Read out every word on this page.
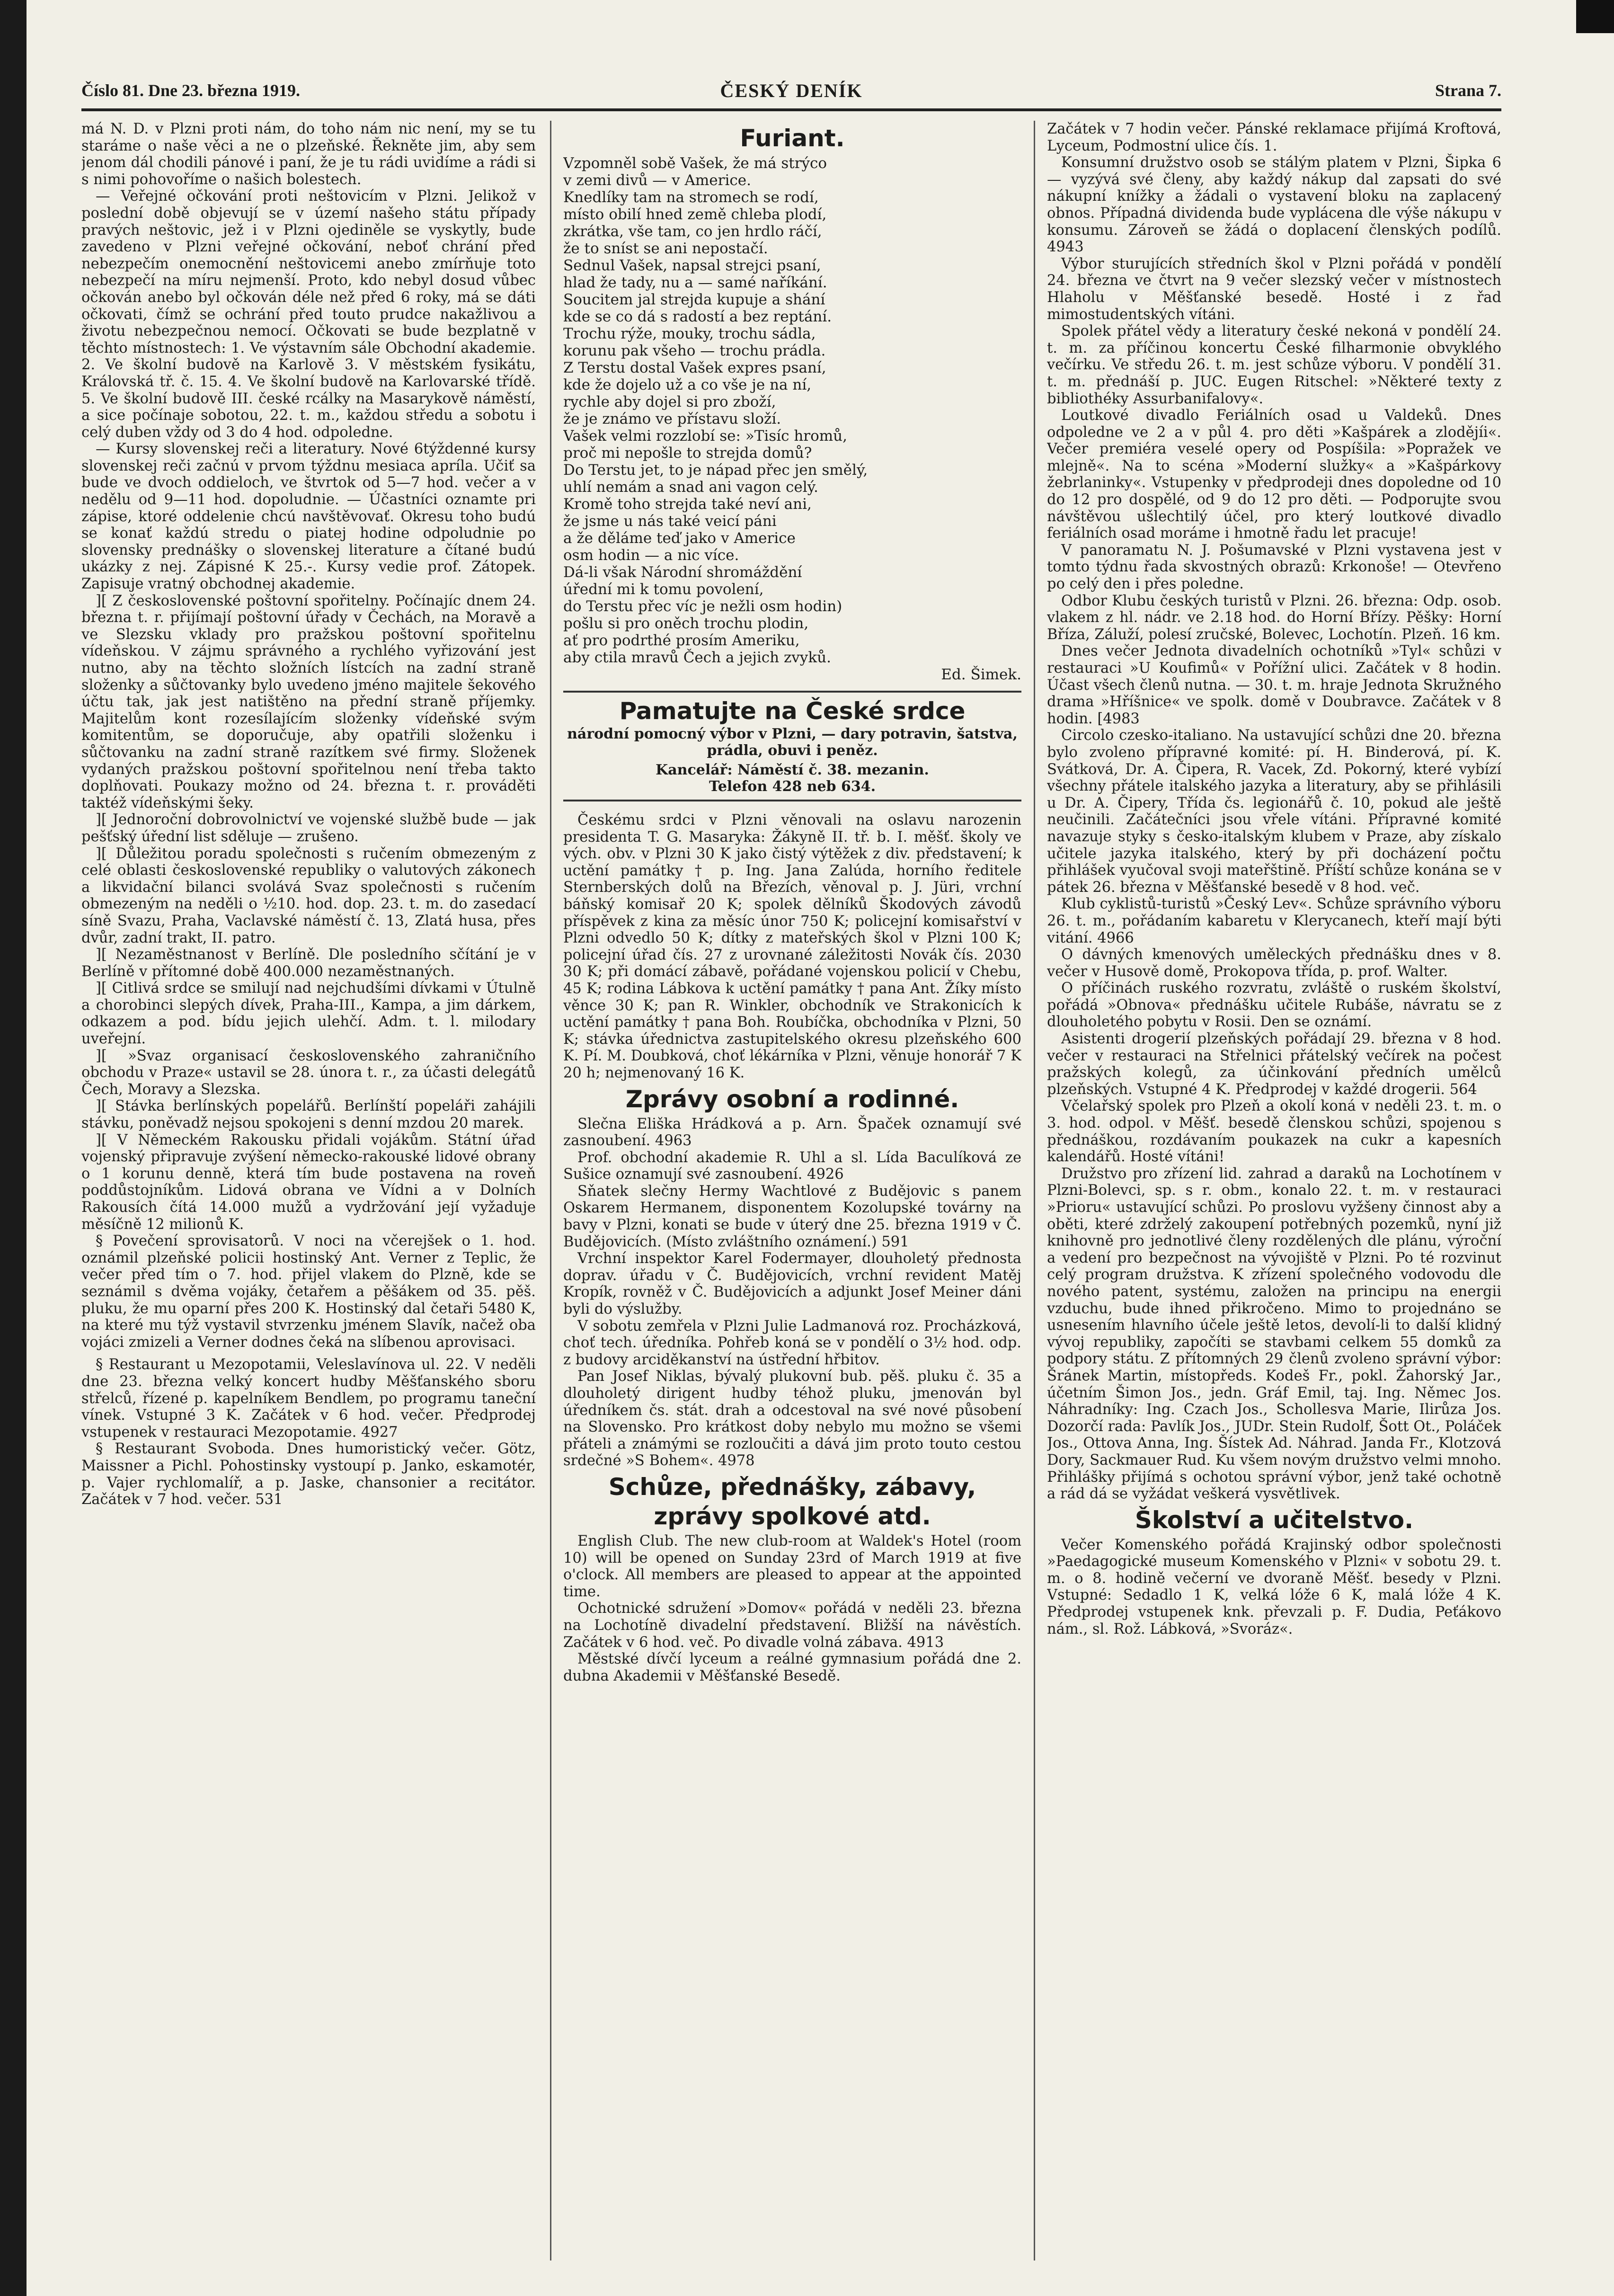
Číslo 81. Dne 23. března 1919.	ČESKÝ DENÍK	Strana 7.

má N. D. v Plzni proti nám, do toho nám nic není, my se tu staráme o naše věci a ne o plzeňské. Řekněte jim, aby sem jenom dál chodili pánové i paní, že je tu rádi uvidíme a rádi si s nimi pohovoříme o našich bolestech.

— Veřejné očkování proti neštovicím v Plzni. Jelikož v poslední době objevují se v území našeho státu případy pravých neštovic, jež i v Plzni ojediněle se vyskytly, bude zavedeno v Plzni veřejné očkování, neboť chrání před nebezpečím onemocnění neštovicemi anebo zmírňuje toto nebezpečí na míru nejmenší. Proto, kdo nebyl dosud vůbec očkován anebo byl očkován déle než před 6 roky, má se dáti očkovati, čímž se ochrání před touto prudce nakažlivou a životu nebezpečnou nemocí. Očkovati se bude bezplatně v těchto místnostech: 1. Ve výstavním sále Obchodní akademie. 2. Ve školní budově na Karlově 3. V městském fysikátu, Královská tř. č. 15. 4. Ve školní budově na Karlovarské třídě. 5. Ve školní budově III. české rcálky na Masarykově náměstí, a sice počínaje sobotou, 22. t. m., každou středu a sobotu i celý duben vždy od 3 do 4 hod. odpoledne.

— Kursy slovenskej reči a literatury. Nové 6týždenné kursy slovenskej reči začnú v prvom týždnu mesiaca apríla. Učiť sa bude ve dvoch oddieloch, ve štvrtok od 5—7 hod. večer a v nedělu od 9—11 hod. dopoludnie. — Účastníci oznamte pri zápise, ktoré oddelenie chcú navštěvovať. Okresu toho budú se konať každú stredu o piatej hodine odpoludnie po slovensky prednášky o slovenskej literature a čítané budú ukázky z nej. Zápisné K 25.-. Kursy vedie prof. Zátopek. Zapisuje vratný obchodnej akademie.

][ Z československé poštovní spořitelny. Počínajíc dnem 24. března t. r. přijímají poštovní úřady v Čechách, na Moravě a ve Slezsku vklady pro pražskou poštovní spořitelnu vídeňskou. V zájmu správného a rychlého vyřizování jest nutno, aby na těchto složních lístcích na zadní straně složenky a sůčtovanky bylo uvedeno jméno majitele šekového účtu tak, jak jest natištěno na přední straně příjemky. Majitelům kont rozesílajícím složenky vídeňské svým komitentům, se doporučuje, aby opatřili složenku i sůčtovanku na zadní straně razítkem své firmy. Složenek vydaných pražskou poštovní spořitelnou není třeba takto doplňovati. Poukazy možno od 24. března t. r. prováděti taktéž vídeňskými šeky.

][ Jednoroční dobrovolnictví ve vojenské službě bude — jak pešťský úřední list sděluje — zrušeno.

][ Důležitou poradu společnosti s ručením obmezeným z celé oblasti československé republiky o valutových zákonech a likvidační bilanci svolává Svaz společnosti s ručením obmezeným na neděli o ½10. hod. dop. 23. t. m. do zasedací síně Svazu, Praha, Vaclavské náměstí č. 13, Zlatá husa, přes dvůr, zadní trakt, II. patro.

][ Nezaměstnanost v Berlíně. Dle posledního sčítání je v Berlíně v přítomné době 400.000 nezaměstnaných.

][ Citlivá srdce se smilují nad nejchudšími dívkami v Útulně a chorobinci slepých dívek, Praha-III., Kampa, a jim dárkem, odkazem a pod. bídu jejich ulehčí. Adm. t. l. milodary uveřejní.

][ »Svaz organisací československého zahraničního obchodu v Praze« ustavil se 28. února t. r., za účasti delegátů Čech, Moravy a Slezska.

][ Stávka berlínských popelářů. Berlínští popeláři zahájili stávku, poněvadž nejsou spokojeni s denní mzdou 20 marek.

][ V Německém Rakousku přidali vojákům. Státní úřad vojenský připravuje zvýšení německo-rakouské lidové obrany o 1 korunu denně, která tím bude postavena na roveň poddůstojníkům. Lidová obrana ve Vídni a v Dolních Rakousích čítá 14.000 mužů a vydržování její vyžaduje měsíčně 12 milionů K.

§ Povečení sprovisatorů. V noci na včerejšek o 1. hod. oznámil plzeňské policii hostinský Ant. Verner z Teplic, že večer před tím o 7. hod. přijel vlakem do Plzně, kde se seznámil s dvěma vojáky, četařem a pěšákem od 35. pěš. pluku, že mu oparní přes 200 K. Hostinský dal četaři 5480 K, na které mu týž vystavil stvrzenku jménem Slavík, načež oba vojáci zmizeli a Verner dodnes čeká na slíbenou aprovisaci.

§ Restaurant u Mezopotamii, Veleslavínova ul. 22. V neděli dne 23. března velký koncert hudby Měšťanského sboru střelců, řízené p. kapelníkem Bendlem, po programu taneční vínek. Vstupné 3 K. Začátek v 6 hod. večer. Předprodej vstupenek v restauraci Mezopotamie. 4927

§ Restaurant Svoboda. Dnes humoristický večer. Götz, Maissner a Pichl. Pohostinsky vystoupí p. Janko, eskamotér, p. Vajer rychlomalíř, a p. Jaske, chansonier a recitátor. Začátek v 7 hod. večer. 531

Furiant.
Vzpomněl sobě Vašek, že má strýco
v zemi divů — v Americe.
Knedlíky tam na stromech se rodí,
místo obilí hned země chleba plodí,
zkrátka, vše tam, co jen hrdlo ráčí,
že to sníst se ani nepostačí.
Sednul Vašek, napsal strejci psaní,
hlad že tady, nu a — samé naříkání.
Soucitem jal strejda kupuje a shání
kde se co dá s radostí a bez reptání.
Trochu rýže, mouky, trochu sádla,
korunu pak všeho — trochu prádla.
Z Terstu dostal Vašek expres psaní,
kde že dojelo už a co vše je na ní,
rychle aby dojel si pro zboží,
že je známo ve přístavu složí.
Vašek velmi rozzlobí se: »Tisíc hromů,
proč mi nepošle to strejda domů?
Do Terstu jet, to je nápad přec jen smělý,
uhlí nemám a snad ani vagon celý.
Kromě toho strejda také neví ani,
že jsme u nás také veicí páni
a že děláme teď jako v Americe
osm hodin — a nic více.
Dá-li však Národní shromáždění
úřední mi k tomu povolení,
do Terstu přec víc je nežli osm hodin)
pošlu si pro oněch trochu plodin,
ať pro podrthé prosím Ameriku,
aby ctila mravů Čech a jejich zvyků.
Ed. Šimek.
Pamatujte na České srdce
národní pomocný výbor v Plzni, — dary potravin, šatstva, prádla, obuvi i peněz.
Kancelář: Náměstí č. 38. mezanin.
Telefon 428 neb 634.

Českému srdci v Plzni věnovali na oslavu narozenin presidenta T. G. Masaryka: Žákyně II. tř. b. I. měšť. školy ve vých. obv. v Plzni 30 K jako čistý výtěžek z div. představení; k uctění památky † p. Ing. Jana Zalúda, horního ředitele Sternberských dolů na Březích, věnoval p. J. Jüri, vrchní báňský komisař 20 K; spolek dělníků Škodových závodů příspěvek z kina za měsíc únor 750 K; policejní komisařství v Plzni odvedlo 50 K; dítky z mateřských škol v Plzni 100 K; policejní úřad čís. 27 z urovnané záležitosti Novák čís. 2030 30 K; při domácí zábavě, pořádané vojenskou policií v Chebu, 45 K; rodina Lábkova k uctění památky † pana Ant. Žíky místo věnce 30 K; pan R. Winkler, obchodník ve Strakonicích k uctění památky † pana Boh. Roubíčka, obchodníka v Plzni, 50 K; stávka úřednictva zastupitelského okresu plzeňského 600 K. Pí. M. Doubková, choť lékárníka v Plzni, věnuje honorář 7 K 20 h; nejmenovaný 16 K.

Zprávy osobní a rodinné.

Slečna Eliška Hrádková a p. Arn. Špaček oznamují své zasnoubení. 4963

Prof. obchodní akademie R. Uhl a sl. Lída Baculíková ze Sušice oznamují své zasnoubení. 4926

Sňatek slečny Hermy Wachtlové z Budějovic s panem Oskarem Hermanem, disponentem Kozolupské továrny na bavy v Plzni, konati se bude v úterý dne 25. března 1919 v Č. Budějovicích. (Místo zvláštního oznámení.) 591

Vrchní inspektor Karel Fodermayer, dlouholetý přednosta doprav. úřadu v Č. Budějovicích, vrchní revident Matěj Kropík, rovněž v Č. Budějovicích a adjunkt Josef Meiner dáni byli do výslužby.

V sobotu zemřela v Plzni Julie Ladmanová roz. Procházková, choť tech. úředníka. Pohřeb koná se v pondělí o 3½ hod. odp. z budovy arciděkanství na ústřední hřbitov.

Pan Josef Niklas, bývalý plukovní bub. pěš. pluku č. 35 a dlouholetý dirigent hudby téhož pluku, jmenován byl úředníkem čs. stát. drah a odcestoval na své nové působení na Slovensko. Pro krátkost doby nebylo mu možno se všemi přáteli a známými se rozloučiti a dává jim proto touto cestou srdečné »S Bohem«. 4978

Schůze, přednášky, zábavy, zprávy spolkové atd.

English Club. The new club-room at Waldek's Hotel (room 10) will be opened on Sunday 23rd of March 1919 at five o'clock. All members are pleased to appear at the appointed time.

Ochotnické sdružení »Domov« pořádá v neděli 23. března na Lochotíně divadelní představení. Bližší na návěstích. Začátek v 6 hod. več. Po divadle volná zábava. 4913

Městské dívčí lyceum a reálné gymnasium pořádá dne 2. dubna Akademii v Měšťanské Besedě.

Začátek v 7 hodin večer. Pánské reklamace přijímá Kroftová, Lyceum, Podmostní ulice čís. 1.

Konsumní družstvo osob se stálým platem v Plzni, Šipka 6 — vyzývá své členy, aby každý nákup dal zapsati do své nákupní knížky a žádali o vystavení bloku na zaplacený obnos. Případná dividenda bude vyplácena dle výše nákupu v konsumu. Zároveň se žádá o doplacení členských podílů. 4943

Výbor sturujících středních škol v Plzni pořádá v pondělí 24. března ve čtvrt na 9 večer slezský večer v místnostech Hlaholu v Měšťanské besedě. Hosté i z řad mimostudentských vítáni.

Spolek přátel vědy a literatury české nekoná v pondělí 24. t. m. za příčinou koncertu České filharmonie obvyklého večírku. Ve středu 26. t. m. jest schůze výboru. V pondělí 31. t. m. přednáší p. JUC. Eugen Ritschel: »Některé texty z bibliothéky Assurbanifalovy«.

Loutkové divadlo Feriálních osad u Valdeků. Dnes odpoledne ve 2 a v půl 4. pro děti »Kašpárek a zlodějíi«. Večer premiéra veselé opery od Pospíšila: »Popražek ve mlejně«. Na to scéna »Moderní služky« a »Kašpárkovy žebrlaninky«. Vstupenky v předprodeji dnes dopoledne od 10 do 12 pro dospělé, od 9 do 12 pro děti. — Podporujte svou návštěvou ušlechtilý účel, pro který loutkové divadlo feriálních osad moráme i hmotně řadu let pracuje!

V panoramatu N. J. Pošumavské v Plzni vystavena jest v tomto týdnu řada skvostných obrazů: Krkonoše! — Otevřeno po celý den i přes poledne.

Odbor Klubu českých turistů v Plzni. 26. března: Odp. osob. vlakem z hl. nádr. ve 2.18 hod. do Horní Břízy. Pěšky: Horní Bříza, Záluží, polesí zručské, Bolevec, Lochotín. Plzeň. 16 km.

Dnes večer Jednota divadelních ochotníků »Tyl« schůzi v restauraci »U Koufimů« v Pořížní ulici. Začátek v 8 hodin. Účast všech členů nutna. — 30. t. m. hraje Jednota Skružného drama »Hříšnice« ve spolk. domě v Doubravce. Začátek v 8 hodin. [4983

Circolo czesko-italiano. Na ustavující schůzi dne 20. března bylo zvoleno přípravné komité: pí. H. Binderová, pí. K. Svátková, Dr. A. Čipera, R. Vacek, Zd. Pokorný, které vybízí všechny přátele italského jazyka a literatury, aby se přihlásili u Dr. A. Čipery, Třída čs. legionářů č. 10, pokud ale ještě neučinili. Začátečníci jsou vřele vítáni. Přípravné komité navazuje styky s česko-italským klubem v Praze, aby získalo učitele jazyka italského, který by při docházení počtu přihlášek vyučoval svoji mateřštině. Příští schůze konána se v pátek 26. března v Měšťanské besedě v 8 hod. več.

Klub cyklistů-turistů »Český Lev«. Schůze správního výboru 26. t. m., pořádaním kabaretu v Klerycanech, kteří mají býti vitání. 4966

O dávných kmenových uměleckých přednášku dnes v 8. večer v Husově domě, Prokopova třída, p. prof. Walter.

O příčinách ruského rozvratu, zvláště o ruském školství, pořádá »Obnova« přednášku učitele Rubáše, návratu se z dlouholetého pobytu v Rosii. Den se oznámí.

Asistenti drogerií plzeňských pořádají 29. března v 8 hod. večer v restauraci na Střelnici přátelský večírek na počest pražských kolegů, za účinkování předních umělců plzeňských. Vstupné 4 K. Předprodej v každé drogerii. 564

Včelařský spolek pro Plzeň a okolí koná v neděli 23. t. m. o 3. hod. odpol. v Měšť. besedě členskou schůzi, spojenou s přednáškou, rozdávaním poukazek na cukr a kapesních kalendářů. Hosté vítáni!

Družstvo pro zřízení lid. zahrad a daraků na Lochotínem v Plzni-Bolevci, sp. s r. obm., konalo 22. t. m. v restauraci »Prioru« ustavující schůzi. Po proslovu vyžšeny činnost aby a oběti, které zdrželý zakoupení potřebných pozemků, nyní již knihovně pro jednotlivé členy rozdělených dle plánu, výroční a vedení pro bezpečnost na vývojiště v Plzni. Po té rozvinut celý program družstva. K zřízení společného vodovodu dle nového patent, systému, založen na principu na energii vzduchu, bude ihned přikročeno. Mimo to projednáno se usnesením hlavního účele ještě letos, devolí-li to další klidný vývoj republiky, započíti se stavbami celkem 55 domků za podpory státu. Z přítomných 29 členů zvoleno správní výbor: Šránek Martin, místopředs. Kodeš Fr., pokl. Žahorský Jar., účetním Šimon Jos., jedn. Gráf Emil, taj. Ing. Němec Jos. Náhradníky: Ing. Czach Jos., Schollesva Marie, Ilirůza Jos. Dozorčí rada: Pavlík Jos., JUDr. Stein Rudolf, Šott Ot., Poláček Jos., Ottova Anna, Ing. Šístek Ad. Náhrad. Janda Fr., Klotzová Dory, Sackmauer Rud. Ku všem novým družstvo velmi mnoho. Přihlášky přijímá s ochotou správní výbor, jenž také ochotně a rád dá se vyžádat veškerá vysvětlivek.

Školství a učitelstvo.

Večer Komenského pořádá Krajinský odbor společnosti »Paedagogické museum Komenského v Plzni« v sobotu 29. t. m. o 8. hodině večerní ve dvoraně Měšť. besedy v Plzni. Vstupné: Sedadlo 1 K, velká lóže 6 K, malá lóže 4 K. Předprodej vstupenek knk. převzali p. F. Dudia, Peťákovo nám., sl. Rož. Lábková, »Svoráz«.
